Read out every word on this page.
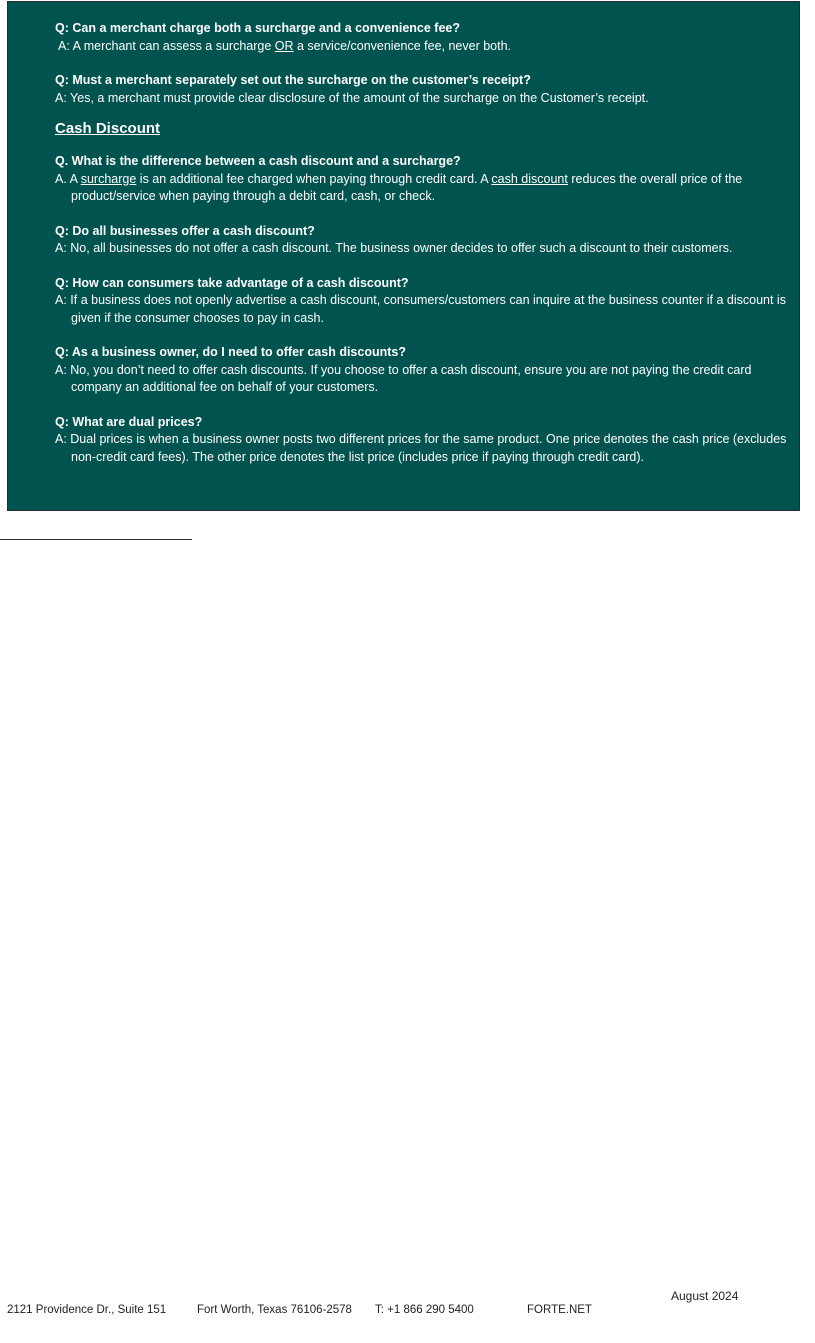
Q: Can a merchant charge both a surcharge and a convenience fee?
A: A merchant can assess a surcharge OR a service/convenience fee, never both.
Q: Must a merchant separately set out the surcharge on the customer’s receipt?
A: Yes, a merchant must provide clear disclosure of the amount of the surcharge on the Customer’s receipt.
Cash Discount
Q. What is the difference between a cash discount and a surcharge?
A. A surcharge is an additional fee charged when paying through credit card. A cash discount reduces the overall price of the product/service when paying through a debit card, cash, or check.
Q: Do all businesses offer a cash discount?
A: No, all businesses do not offer a cash discount. The business owner decides to offer such a discount to their customers.
Q: How can consumers take advantage of a cash discount?
A: If a business does not openly advertise a cash discount, consumers/customers can inquire at the business counter if a discount is given if the consumer chooses to pay in cash.
Q: As a business owner, do I need to offer cash discounts?
A: No, you don’t need to offer cash discounts. If you choose to offer a cash discount, ensure you are not paying the credit card company an additional fee on behalf of your customers.
Q: What are dual prices?
A: Dual prices is when a business owner posts two different prices for the same product. One price denotes the cash price (excludes non-credit card fees). The other price denotes the list price (includes price if paying through credit card).
August 2024
2121 Providence Dr., Suite 151	Fort Worth, Texas 76106-2578 T: +1 866 290 5400	FORTE.NET
